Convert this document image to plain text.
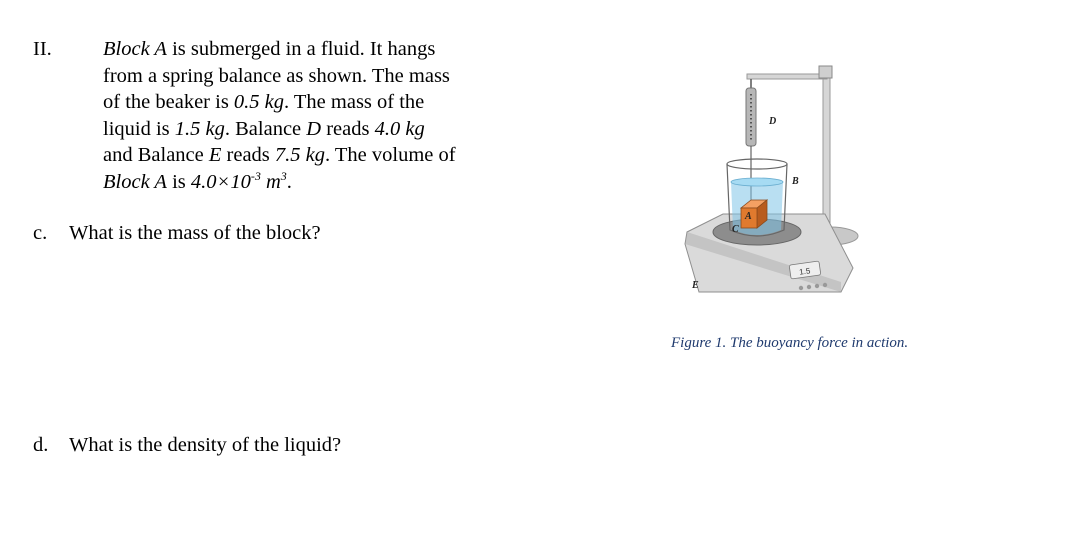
II. Block A is submerged in a fluid. It hangs
from a spring balance as shown. The mass
of the beaker is 0.5 kg. The mass of the
liquid is 1.5 kg. Balance D reads 4.0 kg
and Balance E reads 7.5 kg. The volume of
Block A is $4.0\times 10^{-3}$ $m^3$.
c. What is the mass of the block?
d. What is the density of the liquid?
1.5
D
B
A
C
E
Figure 1. The buoyancy force in action.
